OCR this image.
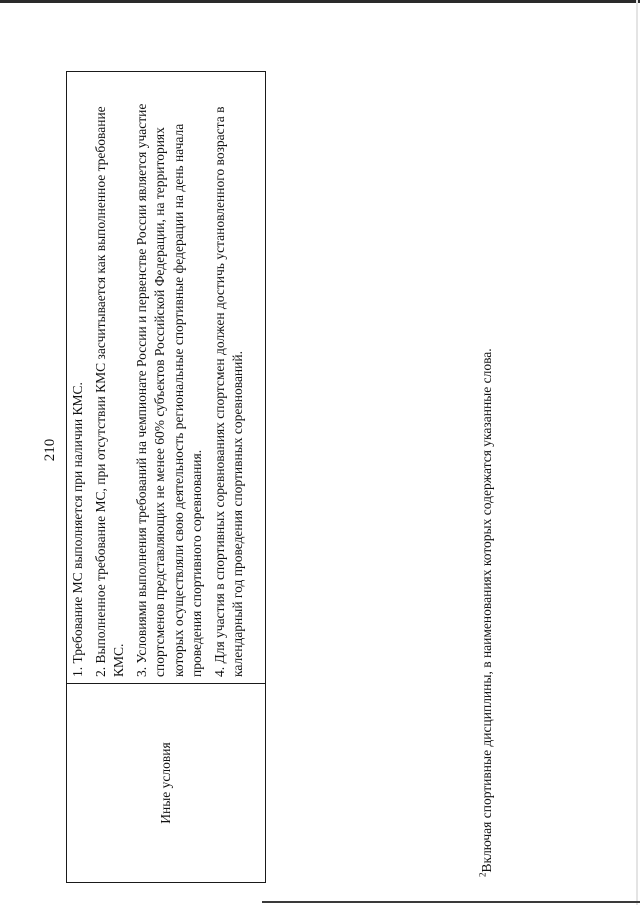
210
Иные условия

1. Требование МС выполняется при наличии КМС. 2. Выполненное требование МС, при отсутствии КМС засчитывается как выполненное требование КМС. 3. Условиями выполнения требований на чемпионате России и первенстве России является участие спортсменов представляющих не менее 60% субъектов Российской Федерации, на территориях которых осуществляли свою деятельность региональные спортивные федерации на день начала проведения спортивного соревнования. 4. Для участия в спортивных соревнованиях спортсмен должен достичь установленного возраста в календарный год проведения спортивных соревнований.

$^2$Включая спортивные дисциплины, в наименованиях которых содержатся указанные слова.
